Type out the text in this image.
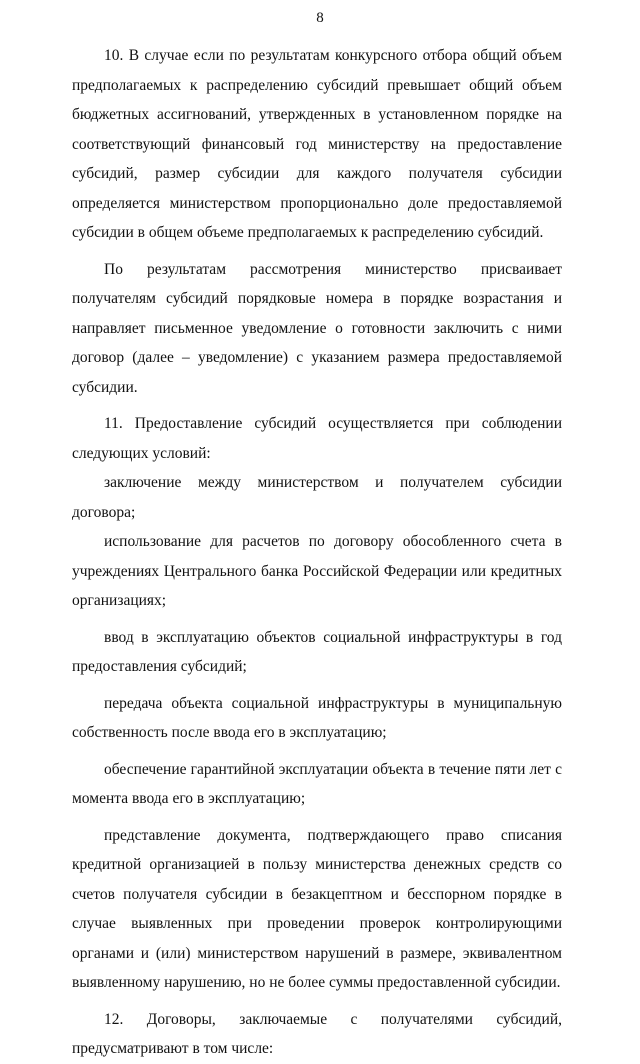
8

10. В случае если по результатам конкурсного отбора общий объем предполагаемых к распределению субсидий превышает общий объем бюджетных ассигнований, утвержденных в установленном порядке на соответствующий финансовый год министерству на предоставление субсидий, размер субсидии для каждого получателя субсидии определяется министерством пропорционально доле предоставляемой субсидии в общем объеме предполагаемых к распределению субсидий.

По результатам рассмотрения министерство присваивает получателям субсидий порядковые номера в порядке возрастания и направляет письменное уведомление о готовности заключить с ними договор (далее – уведомление) с указанием размера предоставляемой субсидии.

11. Предоставление субсидий осуществляется при соблюдении следующих условий:

заключение между министерством и получателем субсидии договора;

использование для расчетов по договору обособленного счета в учреждениях Центрального банка Российской Федерации или кредитных организациях;

ввод в эксплуатацию объектов социальной инфраструктуры в год предоставления субсидий;

передача объекта социальной инфраструктуры в муниципальную собственность после ввода его в эксплуатацию;

обеспечение гарантийной эксплуатации объекта в течение пяти лет с момента ввода его в эксплуатацию;

представление документа, подтверждающего право списания кредитной организацией в пользу министерства денежных средств со счетов получателя субсидии в безакцептном и бесспорном порядке в случае выявленных при проведении проверок контролирующими органами и (или) министерством нарушений в размере, эквивалентном выявленному нарушению, но не более суммы предоставленной субсидии.

12. Договоры, заключаемые с получателями субсидий, предусматривают в том числе:
